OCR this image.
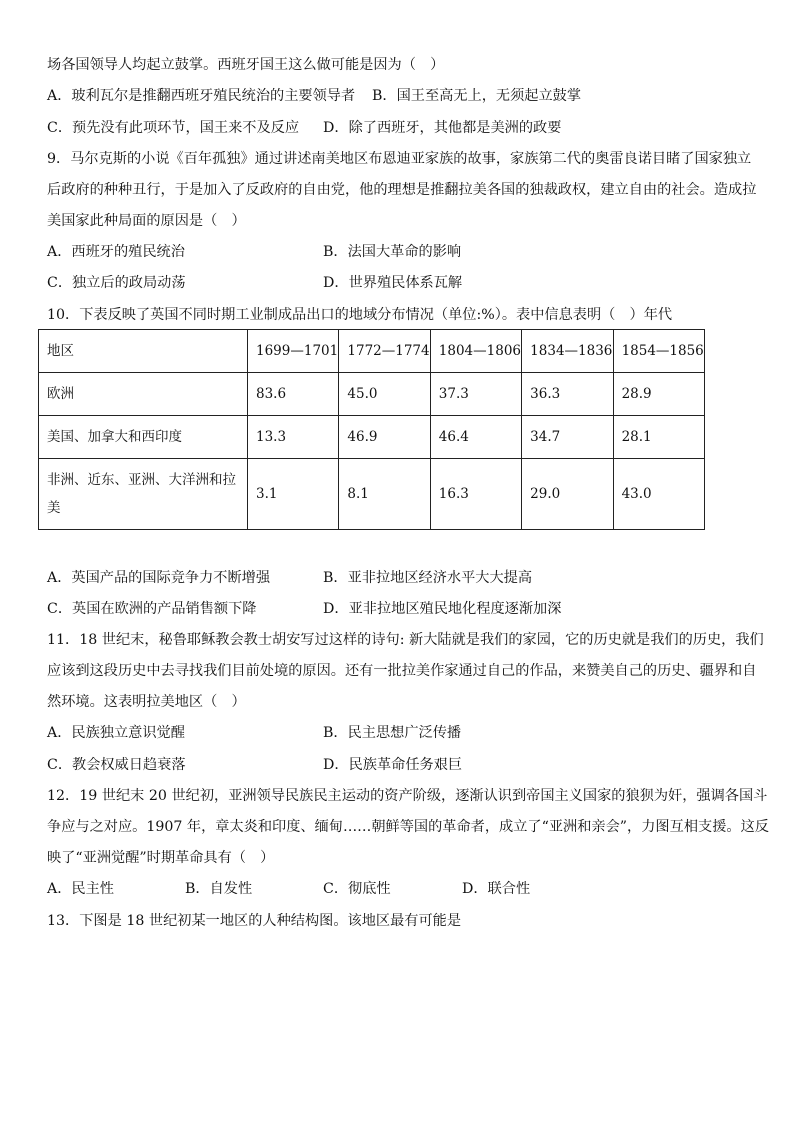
场各国领导人均起立鼓掌。西班牙国王这么做可能是因为（　）
A．玻利瓦尔是推翻西班牙殖民统治的主要领导者 B．国王至高无上，无须起立鼓掌
C．预先没有此项环节，国王来不及反应 D．除了西班牙，其他都是美洲的政要
9．马尔克斯的小说《百年孤独》通过讲述南美地区布恩迪亚家族的故事，家族第二代的奥雷良诺目睹了国家独立
后政府的种种丑行，于是加入了反政府的自由党，他的理想是推翻拉美各国的独裁政权，建立自由的社会。造成拉
美国家此种局面的原因是（　）
A．西班牙的殖民统治	B．法国大革命的影响
C．独立后的政局动荡	D．世界殖民体系瓦解
10．下表反映了英国不同时期工业制成品出口的地域分布情况（单位:%）。表中信息表明（　）年代
地区	1699—1701	1772—1774	1804—1806	1834—1836	1854—1856
欧洲	83.6	45.0	37.3	36.3	28.9
美国、加拿大和西印度	13.3	46.9	46.4	34.7	28.1
非洲、近东、亚洲、大洋洲和拉
美	3.1	8.1	16.3	29.0	43.0
A．英国产品的国际竞争力不断增强	B．亚非拉地区经济水平大大提高
C．英国在欧洲的产品销售额下降	D．亚非拉地区殖民地化程度逐渐加深
11．18 世纪末，秘鲁耶稣教会教士胡安写过这样的诗句: 新大陆就是我们的家园，它的历史就是我们的历史，我们
应该到这段历史中去寻找我们目前处境的原因。还有一批拉美作家通过自己的作品，来赞美自己的历史、疆界和自
然环境。这表明拉美地区（　）
A．民族独立意识觉醒	B．民主思想广泛传播
C．教会权威日趋衰落	D．民族革命任务艰巨
12．19 世纪末 20 世纪初，亚洲领导民族民主运动的资产阶级，逐渐认识到帝国主义国家的狼狈为奸，强调各国斗
争应与之对应。1907 年，章太炎和印度、缅甸……朝鲜等国的革命者，成立了“亚洲和亲会”，力图互相支援。这反
映了“亚洲觉醒”时期革命具有（　）
A．民主性	B．自发性	C．彻底性	D．联合性
13．下图是 18 世纪初某一地区的人种结构图。该地区最有可能是
